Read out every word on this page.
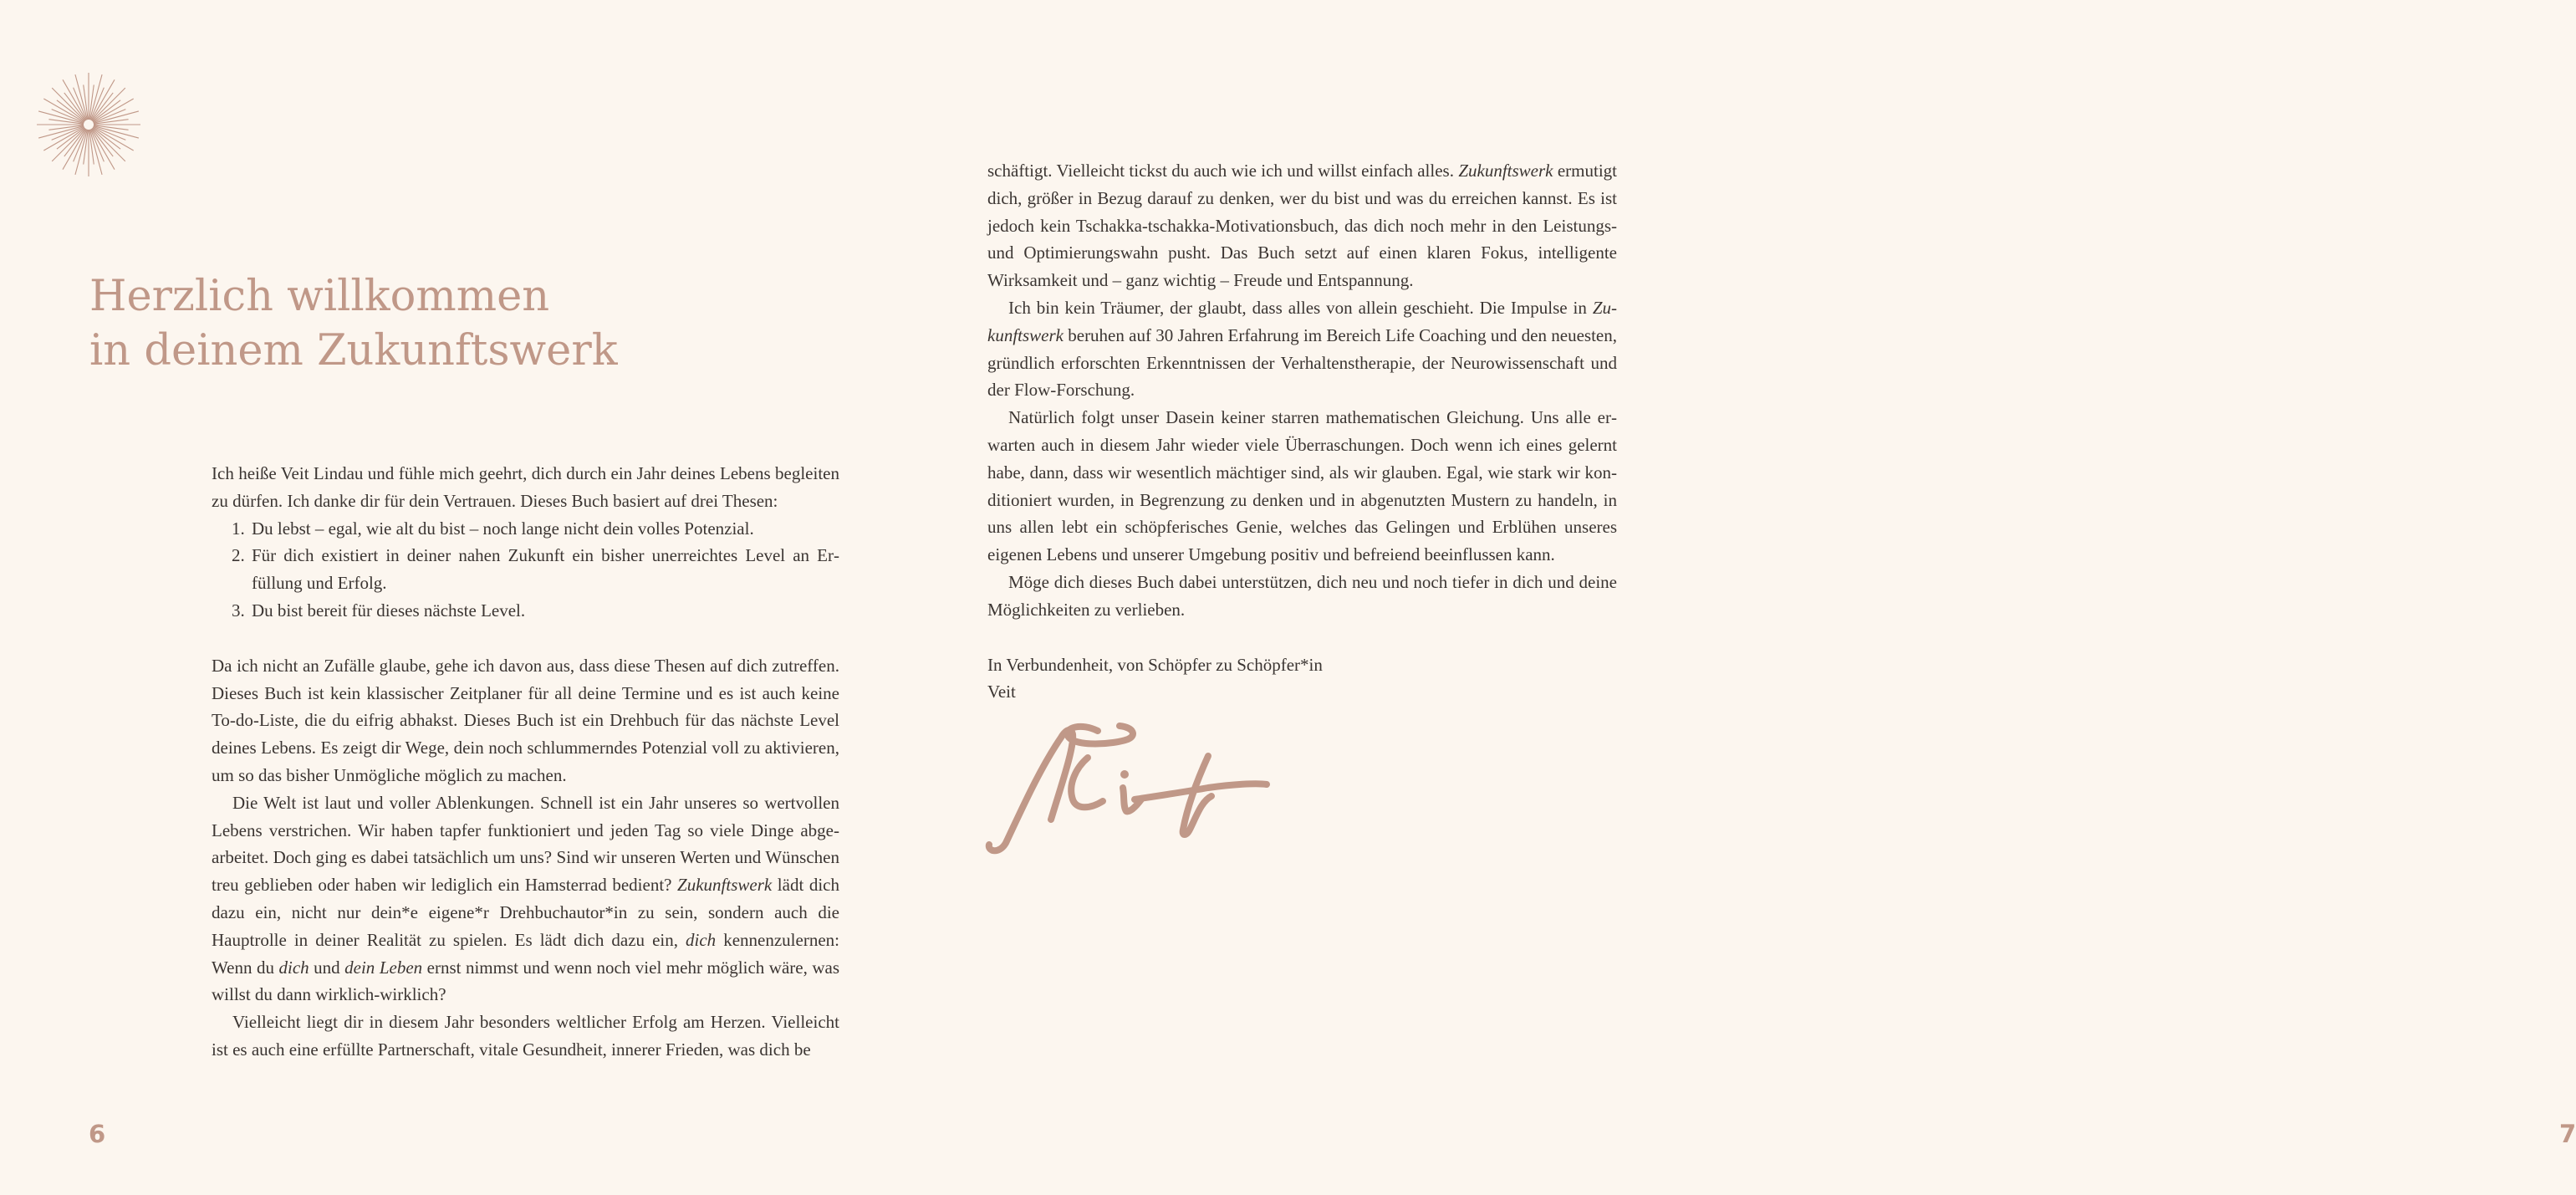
Herzlich willkommen
in deinem Zukunftswerk

Ich heiße Veit Lindau und fühle mich geehrt, dich durch ein Jahr deines Lebens begleiten zu dürfen. Ich danke dir für dein Vertrauen. Dieses Buch basiert auf drei Thesen:

1. Du lebst – egal, wie alt du bist – noch lange nicht dein volles Potenzial.
2. Für dich existiert in deiner nahen Zukunft ein bisher unerreichtes Level an Erfüllung und Erfolg.
3. Du bist bereit für dieses nächste Level.

Da ich nicht an Zufälle glaube, gehe ich davon aus, dass diese Thesen auf dich zutreffen. Dieses Buch ist kein klassischer Zeitplaner für all deine Termine und es ist auch keine To-do-Liste, die du eifrig abhakst. Dieses Buch ist ein Drehbuch für das nächste Level deines Lebens. Es zeigt dir Wege, dein noch schlummerndes Potenzial voll zu aktivieren, um so das bisher Unmögliche möglich zu machen.

Die Welt ist laut und voller Ablenkungen. Schnell ist ein Jahr unseres so wertvollen Lebens verstrichen. Wir haben tapfer funktioniert und jeden Tag so viele Dinge abgearbeitet. Doch ging es dabei tatsächlich um uns? Sind wir unseren Werten und Wünschen treu geblieben oder haben wir lediglich ein Hamsterrad bedient? Zukunftswerk lädt dich dazu ein, nicht nur dein*e eigene*r Drehbuchautor*in zu sein, sondern auch die Hauptrolle in deiner Realität zu spielen. Es lädt dich dazu ein, dich kennenzulernen: Wenn du dich und dein Leben ernst nimmst und wenn noch viel mehr möglich wäre, was willst du dann wirklich-wirklich?

Vielleicht liegt dir in diesem Jahr besonders weltlicher Erfolg am Herzen. Vielleicht ist es auch eine erfüllte Partnerschaft, vitale Gesundheit, innerer Frieden, was dich be

6

schäftigt. Vielleicht tickst du auch wie ich und willst einfach alles. Zukunftswerk ermutigt dich, größer in Bezug darauf zu denken, wer du bist und was du erreichen kannst. Es ist jedoch kein Tschakka-tschakka-Motivationsbuch, das dich noch mehr in den Leistungs- und Optimierungswahn pusht. Das Buch setzt auf einen klaren Fokus, intelligente Wirksamkeit und – ganz wichtig – Freude und Entspannung.

Ich bin kein Träumer, der glaubt, dass alles von allein geschieht. Die Impulse in Zukunftswerk beruhen auf 30 Jahren Erfahrung im Bereich Life Coaching und den neuesten, gründlich erforschten Erkenntnissen der Verhaltenstherapie, der Neurowissenschaft und der Flow-Forschung.

Natürlich folgt unser Dasein keiner starren mathematischen Gleichung. Uns alle erwarten auch in diesem Jahr wieder viele Überraschungen. Doch wenn ich eines gelernt habe, dann, dass wir wesentlich mächtiger sind, als wir glauben. Egal, wie stark wir konditioniert wurden, in Begrenzung zu denken und in abgenutzten Mustern zu handeln, in uns allen lebt ein schöpferisches Genie, welches das Gelingen und Erblühen unseres eigenen Lebens und unserer Umgebung positiv und befreiend beeinflussen kann.

Möge dich dieses Buch dabei unterstützen, dich neu und noch tiefer in dich und deine Möglichkeiten zu verlieben.

In Verbundenheit, von Schöpfer zu Schöpfer*in

Veit

7
